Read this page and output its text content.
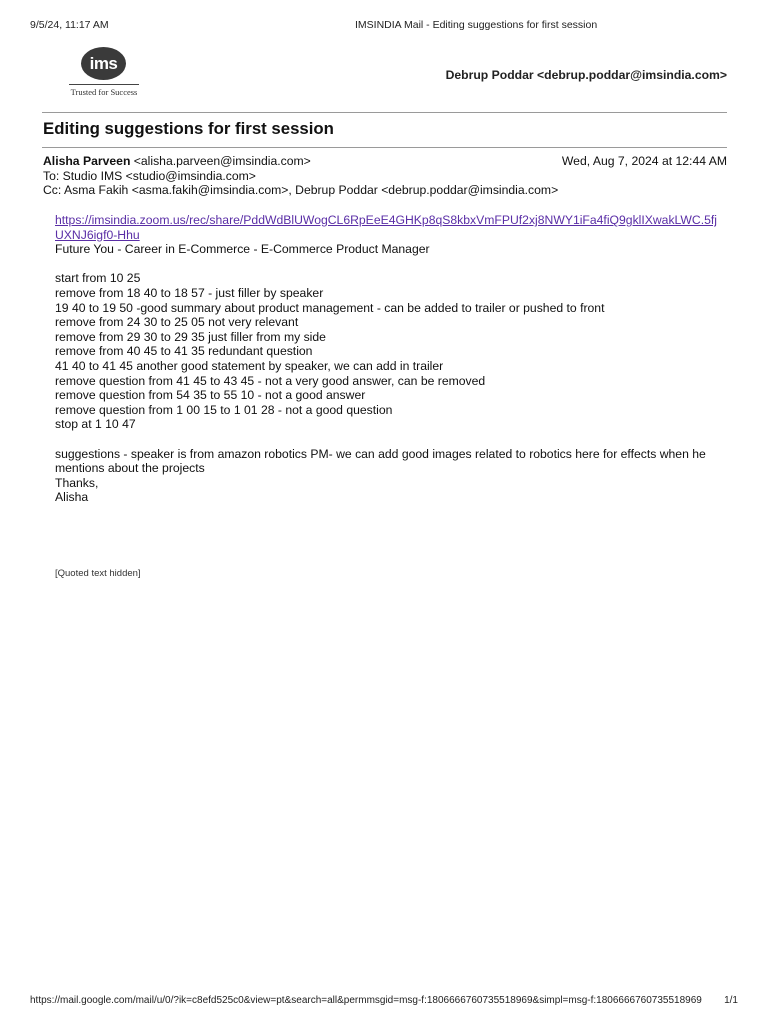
9/5/24, 11:17 AM	IMSINDIA Mail - Editing suggestions for first session
ims
Trusted for Success
Debrup Poddar <debrup.poddar@imsindia.com>
Editing suggestions for first session
Alisha Parveen <alisha.parveen@imsindia.com>	Wed, Aug 7, 2024 at 12:44 AM
To: Studio IMS <studio@imsindia.com>
Cc: Asma Fakih <asma.fakih@imsindia.com>, Debrup Poddar <debrup.poddar@imsindia.com>
https://imsindia.zoom.us/rec/share/PddWdBlUWogCL6RpEeE4GHKp8qS8kbxVmFPUf2xj8NWY1iFa4fiQ9gklIXwakLWC.5fjUXNJ6igf0-Hhu
Future You - Career in E-Commerce - E-Commerce Product Manager
start from 10 25
remove from 18 40 to 18 57 - just filler by speaker
19 40 to 19 50 -good summary about product management - can be added to trailer or pushed to front
remove from 24 30 to 25 05 not very relevant
remove from 29 30 to 29 35 just filler from my side
remove from 40 45 to 41 35 redundant question
41 40 to 41 45 another good statement by speaker, we can add in trailer
remove question from 41 45 to 43 45 - not a very good answer, can be removed
remove question from 54 35 to 55 10 - not a good answer
remove question from 1 00 15 to 1 01 28 - not a good question
stop at 1 10 47
suggestions - speaker is from amazon robotics PM- we can add good images related to robotics here for effects when he mentions about the projects
Thanks,
Alisha
[Quoted text hidden]
https://mail.google.com/mail/u/0/?ik=c8efd525c0&view=pt&search=all&permmsgid=msg-f:1806666760735518969&simpl=msg-f:1806666760735518969 1/1
